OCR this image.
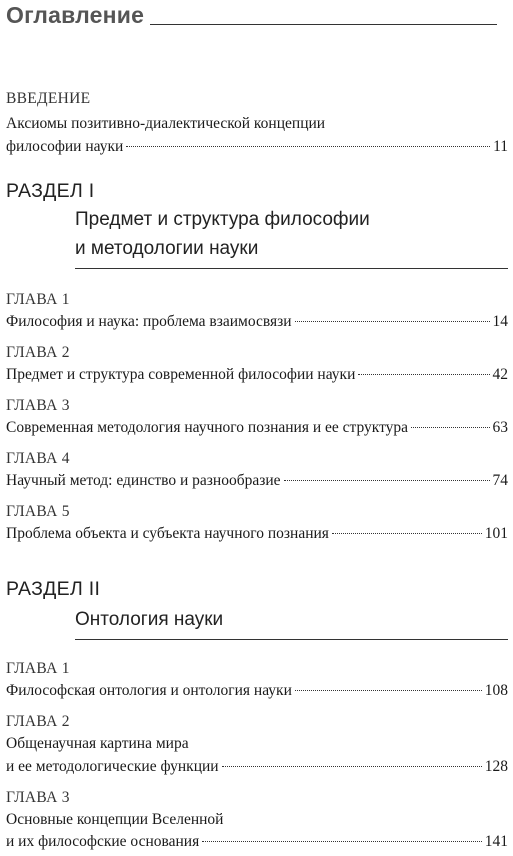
Оглавление
ВВЕДЕНИЕ
Аксиомы позитивно-диалектической концепции
философии науки	11
РАЗДЕЛ I
Предмет и структура философии
и методологии науки
ГЛАВА 1
Философия и наука: проблема взаимосвязи	14
ГЛАВА 2
Предмет и структура современной философии науки	42
ГЛАВА 3
Современная методология научного познания и ее структура	63
ГЛАВА 4
Научный метод: единство и разнообразие	74
ГЛАВА 5
Проблема объекта и субъекта научного познания	101
РАЗДЕЛ II
Онтология науки
ГЛАВА 1
Философская онтология и онтология науки	108
ГЛАВА 2
Общенаучная картина мира
и ее методологические функции	128
ГЛАВА 3
Основные концепции Вселенной
и их философские основания	141
